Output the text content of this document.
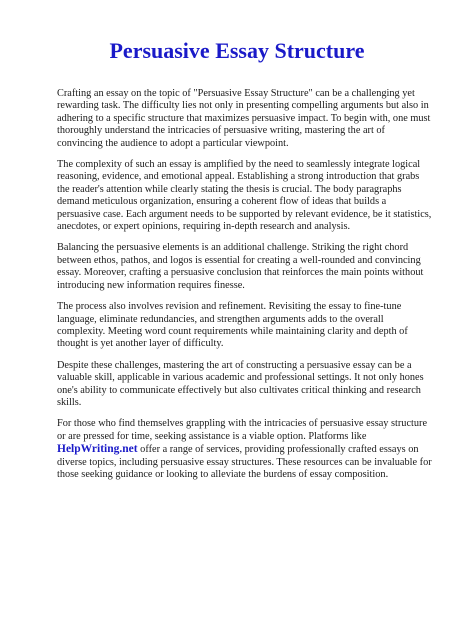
Persuasive Essay Structure

Crafting an essay on the topic of "Persuasive Essay Structure" can be a challenging yet rewarding task. The difficulty lies not only in presenting compelling arguments but also in adhering to a specific structure that maximizes persuasive impact. To begin with, one must thoroughly understand the intricacies of persuasive writing, mastering the art of convincing the audience to adopt a particular viewpoint.

The complexity of such an essay is amplified by the need to seamlessly integrate logical reasoning, evidence, and emotional appeal. Establishing a strong introduction that grabs the reader's attention while clearly stating the thesis is crucial. The body paragraphs demand meticulous organization, ensuring a coherent flow of ideas that builds a persuasive case. Each argument needs to be supported by relevant evidence, be it statistics, anecdotes, or expert opinions, requiring in-depth research and analysis.

Balancing the persuasive elements is an additional challenge. Striking the right chord between ethos, pathos, and logos is essential for creating a well-rounded and convincing essay. Moreover, crafting a persuasive conclusion that reinforces the main points without introducing new information requires finesse.

The process also involves revision and refinement. Revisiting the essay to fine-tune language, eliminate redundancies, and strengthen arguments adds to the overall complexity. Meeting word count requirements while maintaining clarity and depth of thought is yet another layer of difficulty.

Despite these challenges, mastering the art of constructing a persuasive essay can be a valuable skill, applicable in various academic and professional settings. It not only hones one's ability to communicate effectively but also cultivates critical thinking and research skills.

For those who find themselves grappling with the intricacies of persuasive essay structure or are pressed for time, seeking assistance is a viable option. Platforms like HelpWriting.net offer a range of services, providing professionally crafted essays on diverse topics, including persuasive essay structures. These resources can be invaluable for those seeking guidance or looking to alleviate the burdens of essay composition.
